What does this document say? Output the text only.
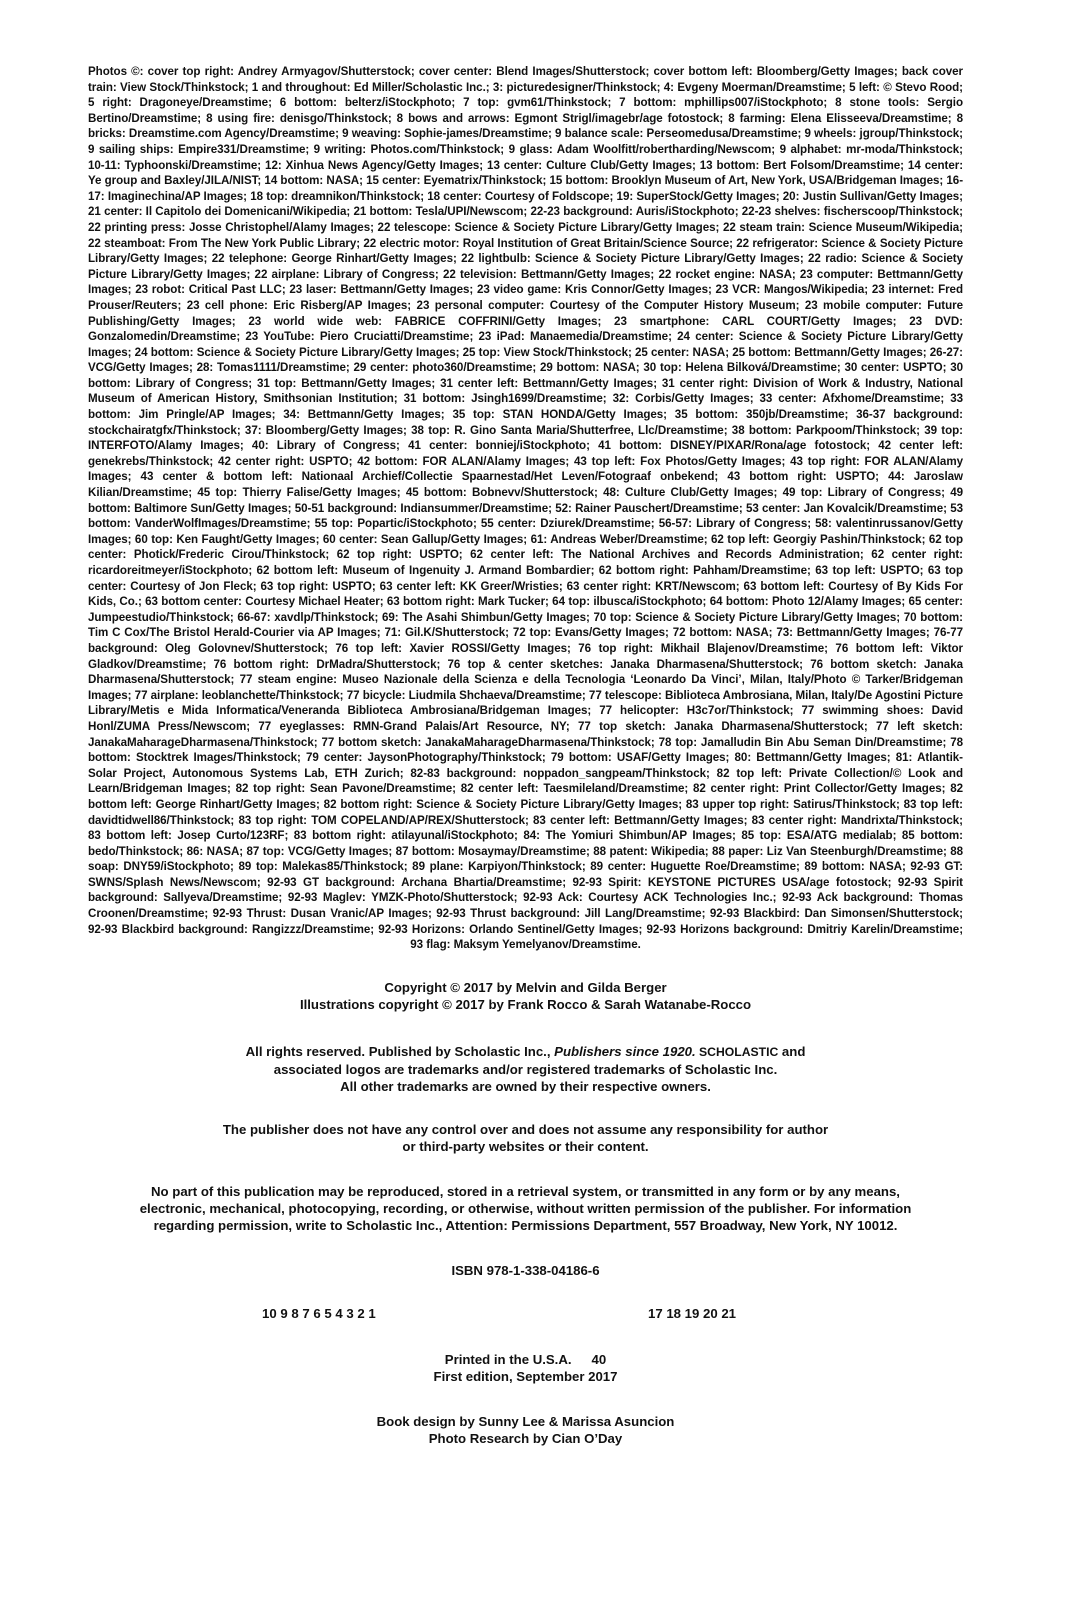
Photos ©: cover top right: Andrey Armyagov/Shutterstock; cover center: Blend Images/Shutterstock; cover bottom left: Bloomberg/Getty Images; back cover train: View Stock/Thinkstock; 1 and throughout: Ed Miller/Scholastic Inc.; 3: picturedesigner/Thinkstock; 4: Evgeny Moerman/Dreamstime; 5 left: © Stevo Rood; 5 right: Dragoneye/Dreamstime; 6 bottom: belterz/iStockphoto; 7 top: gvm61/Thinkstock; 7 bottom: mphillips007/iStockphoto; 8 stone tools: Sergio Bertino/Dreamstime; 8 using fire: denisgo/Thinkstock; 8 bows and arrows: Egmont Strigl/imagebr/age fotostock; 8 farming: Elena Elisseeva/Dreamstime; 8 bricks: Dreamstime.com Agency/Dreamstime; 9 weaving: Sophie-james/Dreamstime; 9 balance scale: Perseomedusa/Dreamstime; 9 wheels: jgroup/Thinkstock; 9 sailing ships: Empire331/Dreamstime; 9 writing: Photos.com/Thinkstock; 9 glass: Adam Woolfitt/robertharding/Newscom; 9 alphabet: mr-moda/Thinkstock; 10-11: Typhoonski/Dreamstime; 12: Xinhua News Agency/Getty Images; 13 center: Culture Club/Getty Images; 13 bottom: Bert Folsom/Dreamstime; 14 center: Ye group and Baxley/JILA/NIST; 14 bottom: NASA; 15 center: Eyematrix/Thinkstock; 15 bottom: Brooklyn Museum of Art, New York, USA/Bridgeman Images; 16-17: Imaginechina/AP Images; 18 top: dreamnikon/Thinkstock; 18 center: Courtesy of Foldscope; 19: SuperStock/Getty Images; 20: Justin Sullivan/Getty Images; 21 center: Il Capitolo dei Domenicani/Wikipedia; 21 bottom: Tesla/UPI/Newscom; 22-23 background: Auris/iStockphoto; 22-23 shelves: fischerscoop/Thinkstock; 22 printing press: Josse Christophel/Alamy Images; 22 telescope: Science & Society Picture Library/Getty Images; 22 steam train: Science Museum/Wikipedia; 22 steamboat: From The New York Public Library; 22 electric motor: Royal Institution of Great Britain/Science Source; 22 refrigerator: Science & Society Picture Library/Getty Images; 22 telephone: George Rinhart/Getty Images; 22 lightbulb: Science & Society Picture Library/Getty Images; 22 radio: Science & Society Picture Library/Getty Images; 22 airplane: Library of Congress; 22 television: Bettmann/Getty Images; 22 rocket engine: NASA; 23 computer: Bettmann/Getty Images; 23 robot: Critical Past LLC; 23 laser: Bettmann/Getty Images; 23 video game: Kris Connor/Getty Images; 23 VCR: Mangos/Wikipedia; 23 internet: Fred Prouser/Reuters; 23 cell phone: Eric Risberg/AP Images; 23 personal computer: Courtesy of the Computer History Museum; 23 mobile computer: Future Publishing/Getty Images; 23 world wide web: FABRICE COFFRINI/Getty Images; 23 smartphone: CARL COURT/Getty Images; 23 DVD: Gonzalomedin/Dreamstime; 23 YouTube: Piero Cruciatti/Dreamstime; 23 iPad: Manaemedia/Dreamstime; 24 center: Science & Society Picture Library/Getty Images; 24 bottom: Science & Society Picture Library/Getty Images; 25 top: View Stock/Thinkstock; 25 center: NASA; 25 bottom: Bettmann/Getty Images; 26-27: VCG/Getty Images; 28: Tomas1111/Dreamstime; 29 center: photo360/Dreamstime; 29 bottom: NASA; 30 top: Helena Bilková/Dreamstime; 30 center: USPTO; 30 bottom: Library of Congress; 31 top: Bettmann/Getty Images; 31 center left: Bettmann/Getty Images; 31 center right: Division of Work & Industry, National Museum of American History, Smithsonian Institution; 31 bottom: Jsingh1699/Dreamstime; 32: Corbis/Getty Images; 33 center: Afxhome/Dreamstime; 33 bottom: Jim Pringle/AP Images; 34: Bettmann/Getty Images; 35 top: STAN HONDA/Getty Images; 35 bottom: 350jb/Dreamstime; 36-37 background: stockchairatgfx/Thinkstock; 37: Bloomberg/Getty Images; 38 top: R. Gino Santa Maria/Shutterfree, Llc/Dreamstime; 38 bottom: Parkpoom/Thinkstock; 39 top: INTERFOTO/Alamy Images; 40: Library of Congress; 41 center: bonniej/iStockphoto; 41 bottom: DISNEY/PIXAR/Rona/age fotostock; 42 center left: genekrebs/Thinkstock; 42 center right: USPTO; 42 bottom: FOR ALAN/Alamy Images; 43 top left: Fox Photos/Getty Images; 43 top right: FOR ALAN/Alamy Images; 43 center & bottom left: Nationaal Archief/Collectie Spaarnestad/Het Leven/Fotograaf onbekend; 43 bottom right: USPTO; 44: Jaroslaw Kilian/Dreamstime; 45 top: Thierry Falise/Getty Images; 45 bottom: Bobnevv/Shutterstock; 48: Culture Club/Getty Images; 49 top: Library of Congress; 49 bottom: Baltimore Sun/Getty Images; 50-51 background: Indiansummer/Dreamstime; 52: Rainer Pauschert/Dreamstime; 53 center: Jan Kovalcik/Dreamstime; 53 bottom: VanderWolfImages/Dreamstime; 55 top: Popartic/iStockphoto; 55 center: Dziurek/Dreamstime; 56-57: Library of Congress; 58: valentinrussanov/Getty Images; 60 top: Ken Faught/Getty Images; 60 center: Sean Gallup/Getty Images; 61: Andreas Weber/Dreamstime; 62 top left: Georgiy Pashin/Thinkstock; 62 top center: Photick/Frederic Cirou/Thinkstock; 62 top right: USPTO; 62 center left: The National Archives and Records Administration; 62 center right: ricardoreitmeyer/iStockphoto; 62 bottom left: Museum of Ingenuity J. Armand Bombardier; 62 bottom right: Pahham/Dreamstime; 63 top left: USPTO; 63 top center: Courtesy of Jon Fleck; 63 top right: USPTO; 63 center left: KK Greer/Wristies; 63 center right: KRT/Newscom; 63 bottom left: Courtesy of By Kids For Kids, Co.; 63 bottom center: Courtesy Michael Heater; 63 bottom right: Mark Tucker; 64 top: ilbusca/iStockphoto; 64 bottom: Photo 12/Alamy Images; 65 center: Jumpeestudio/Thinkstock; 66-67: xavdlp/Thinkstock; 69: The Asahi Shimbun/Getty Images; 70 top: Science & Society Picture Library/Getty Images; 70 bottom: Tim C Cox/The Bristol Herald-Courier via AP Images; 71: Gil.K/Shutterstock; 72 top: Evans/Getty Images; 72 bottom: NASA; 73: Bettmann/Getty Images; 76-77 background: Oleg Golovnev/Shutterstock; 76 top left: Xavier ROSSI/Getty Images; 76 top right: Mikhail Blajenov/Dreamstime; 76 bottom left: Viktor Gladkov/Dreamstime; 76 bottom right: DrMadra/Shutterstock; 76 top & center sketches: Janaka Dharmasena/Shutterstock; 76 bottom sketch: Janaka Dharmasena/Shutterstock; 77 steam engine: Museo Nazionale della Scienza e della Tecnologia ‘Leonardo Da Vinci’, Milan, Italy/Photo © Tarker/Bridgeman Images; 77 airplane: leoblanchette/Thinkstock; 77 bicycle: Liudmila Shchaeva/Dreamstime; 77 telescope: Biblioteca Ambrosiana, Milan, Italy/De Agostini Picture Library/Metis e Mida Informatica/Veneranda Biblioteca Ambrosiana/Bridgeman Images; 77 helicopter: H3c7or/Thinkstock; 77 swimming shoes: David Honl/ZUMA Press/Newscom; 77 eyeglasses: RMN-Grand Palais/Art Resource, NY; 77 top sketch: Janaka Dharmasena/Shutterstock; 77 left sketch: JanakaMaharageDharmasena/Thinkstock; 77 bottom sketch: JanakaMaharageDharmasena/Thinkstock; 78 top: Jamalludin Bin Abu Seman Din/Dreamstime; 78 bottom: Stocktrek Images/Thinkstock; 79 center: JaysonPhotography/Thinkstock; 79 bottom: USAF/Getty Images; 80: Bettmann/Getty Images; 81: Atlantik-Solar Project, Autonomous Systems Lab, ETH Zurich; 82-83 background: noppadon_sangpeam/Thinkstock; 82 top left: Private Collection/© Look and Learn/Bridgeman Images; 82 top right: Sean Pavone/Dreamstime; 82 center left: Taesmileland/Dreamstime; 82 center right: Print Collector/Getty Images; 82 bottom left: George Rinhart/Getty Images; 82 bottom right: Science & Society Picture Library/Getty Images; 83 upper top right: Satirus/Thinkstock; 83 top left: davidtidwell86/Thinkstock; 83 top right: TOM COPELAND/AP/REX/Shutterstock; 83 center left: Bettmann/Getty Images; 83 center right: Mandrixta/Thinkstock; 83 bottom left: Josep Curto/123RF; 83 bottom right: atilayunal/iStockphoto; 84: The Yomiuri Shimbun/AP Images; 85 top: ESA/ATG medialab; 85 bottom: bedo/Thinkstock; 86: NASA; 87 top: VCG/Getty Images; 87 bottom: Mosaymay/Dreamstime; 88 patent: Wikipedia; 88 paper: Liz Van Steenburgh/Dreamstime; 88 soap: DNY59/iStockphoto; 89 top: Malekas85/Thinkstock; 89 plane: Karpiyon/Thinkstock; 89 center: Huguette Roe/Dreamstime; 89 bottom: NASA; 92-93 GT: SWNS/Splash News/Newscom; 92-93 GT background: Archana Bhartia/Dreamstime; 92-93 Spirit: KEYSTONE PICTURES USA/age fotostock; 92-93 Spirit background: Sallyeva/Dreamstime; 92-93 Maglev: YMZK-Photo/Shutterstock; 92-93 Ack: Courtesy ACK Technologies Inc.; 92-93 Ack background: Thomas Croonen/Dreamstime; 92-93 Thrust: Dusan Vranic/AP Images; 92-93 Thrust background: Jill Lang/Dreamstime; 92-93 Blackbird: Dan Simonsen/Shutterstock; 92-93 Blackbird background: Rangizzz/Dreamstime; 92-93 Horizons: Orlando Sentinel/Getty Images; 92-93 Horizons background: Dmitriy Karelin/Dreamstime; 93 flag: Maksym Yemelyanov/Dreamstime.

Copyright © 2017 by Melvin and Gilda Berger
Illustrations copyright © 2017 by Frank Rocco & Sarah Watanabe-Rocco
All rights reserved. Published by Scholastic Inc., Publishers since 1920. SCHOLASTIC and
associated logos are trademarks and/or registered trademarks of Scholastic Inc.
All other trademarks are owned by their respective owners.
The publisher does not have any control over and does not assume any responsibility for author
or third-party websites or their content.
No part of this publication may be reproduced, stored in a retrieval system, or transmitted in any form or by any means,
electronic, mechanical, photocopying, recording, or otherwise, without written permission of the publisher. For information
regarding permission, write to Scholastic Inc., Attention: Permissions Department, 557 Broadway, New York, NY 10012.
ISBN 978-1-338-04186-6
10 9 8 7 6 5 4 3 2 1	17 18 19 20 21
Printed in the U.S.A. 40
First edition, September 2017
Book design by Sunny Lee & Marissa Asuncion
Photo Research by Cian O’Day
